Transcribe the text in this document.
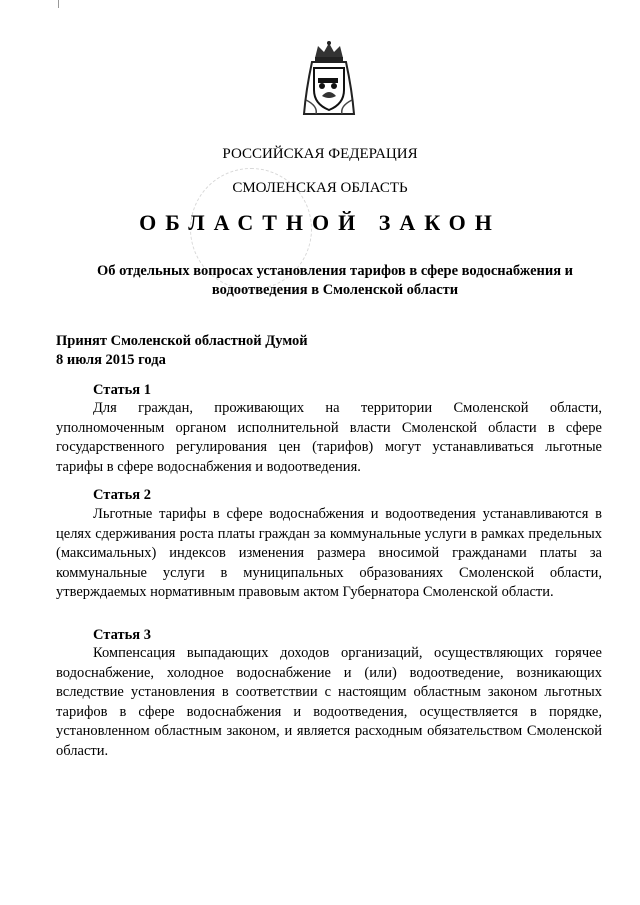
РОССИЙСКАЯ ФЕДЕРАЦИЯ
СМОЛЕНСКАЯ ОБЛАСТЬ
ОБЛАСТНОЙ ЗАКОН
Об отдельных вопросах установления тарифов в сфере водоснабжения и водоотведения в Смоленской области
Принят Смоленской областной Думой
8 июля 2015 года
Статья 1
Для граждан, проживающих на территории Смоленской области, уполномоченным органом исполнительной власти Смоленской области в сфере государственного регулирования цен (тарифов) могут устанавливаться льготные тарифы в сфере водоснабжения и водоотведения.
Статья 2
Льготные тарифы в сфере водоснабжения и водоотведения устанавливаются в целях сдерживания роста платы граждан за коммунальные услуги в рамках предельных (максимальных) индексов изменения размера вносимой гражданами платы за коммунальные услуги в муниципальных образованиях Смоленской области, утверждаемых нормативным правовым актом Губернатора Смоленской области.
Статья 3
Компенсация выпадающих доходов организаций, осуществляющих горячее водоснабжение, холодное водоснабжение и (или) водоотведение, возникающих вследствие установления в соответствии с настоящим областным законом льготных тарифов в сфере водоснабжения и водоотведения, осуществляется в порядке, установленном областным законом, и является расходным обязательством Смоленской области.
